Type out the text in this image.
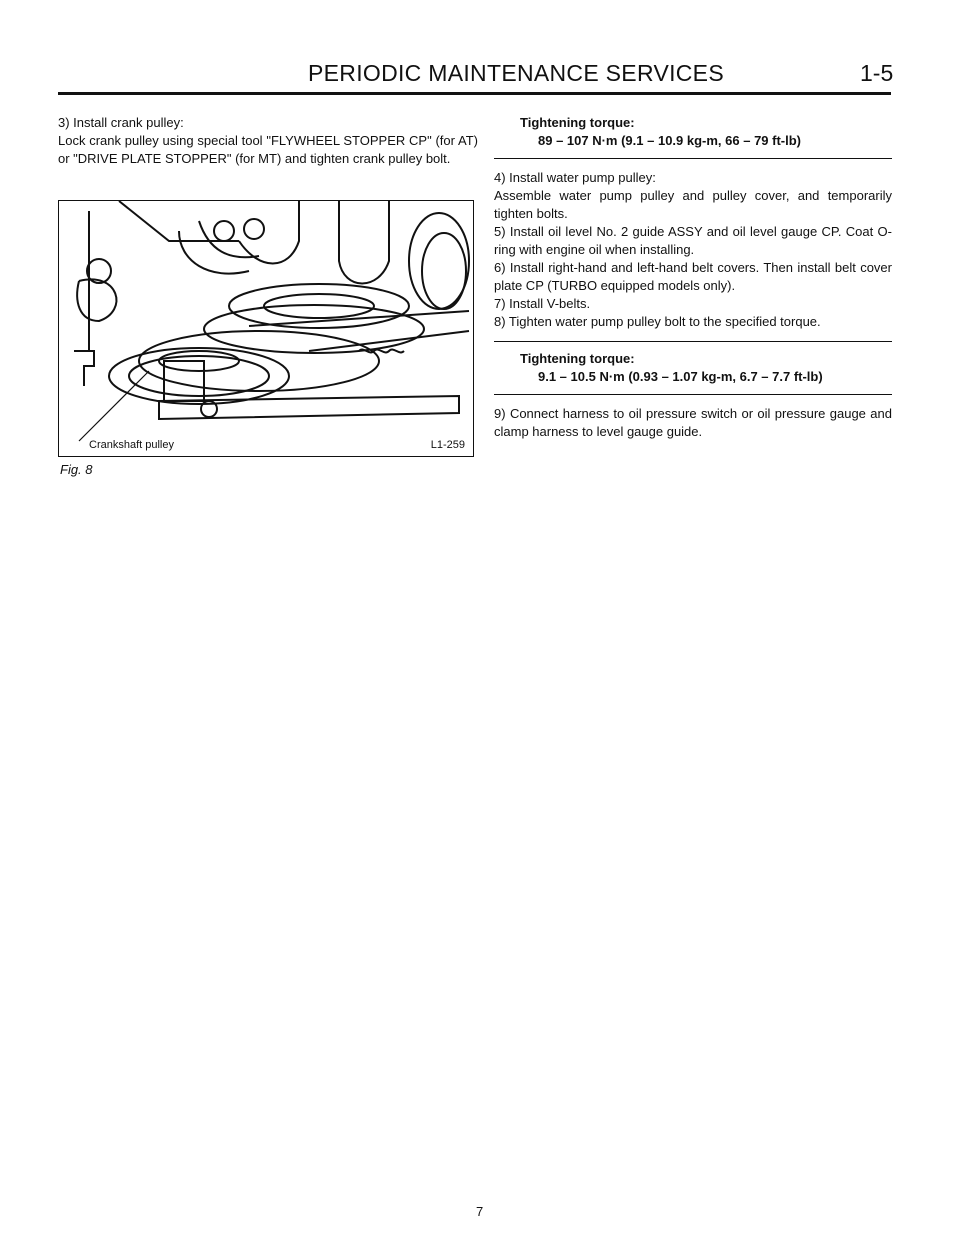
PERIODIC MAINTENANCE SERVICES	1-5

3) Install crank pulley:

Lock crank pulley using special tool "FLYWHEEL STOPPER CP" (for AT) or "DRIVE PLATE STOPPER" (for MT) and tighten crank pulley bolt.

Crankshaft pulley	L1-259
Fig. 8
Tightening torque:
89 – 107 N·m (9.1 – 10.9 kg-m, 66 – 79 ft-lb)

4) Install water pump pulley:

Assemble water pump pulley and pulley cover, and temporarily tighten bolts.

5) Install oil level No. 2 guide ASSY and oil level gauge CP. Coat O-ring with engine oil when installing.

6) Install right-hand and left-hand belt covers. Then install belt cover plate CP (TURBO equipped models only).

7) Install V-belts.

8) Tighten water pump pulley bolt to the specified torque.

Tightening torque:
9.1 – 10.5 N·m (0.93 – 1.07 kg-m, 6.7 – 7.7 ft-lb)

9) Connect harness to oil pressure switch or oil pressure gauge and clamp harness to level gauge guide.

7
